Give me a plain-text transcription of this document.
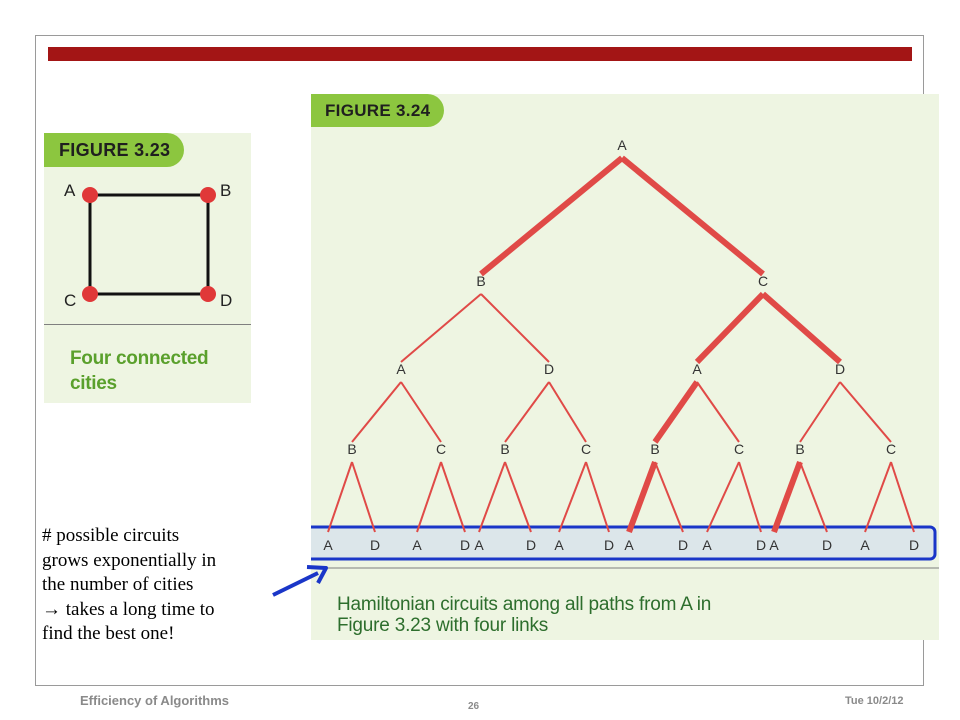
FIGURE 3.23
A	B
C	D
Four connected cities
FIGURE 3.24
A
B	C
A	D	A	D
B	C	B	C	B	C	B	C
A	D A	D A	D A	D A	D A	D A	D A	D
Hamiltonian circuits among all paths from A in
Figure 3.23 with four links
# possible circuits
grows exponentially in
the number of cities
→ takes a long time to
find the best one!
Efficiency of Algorithms	26	Tue 10/2/12
